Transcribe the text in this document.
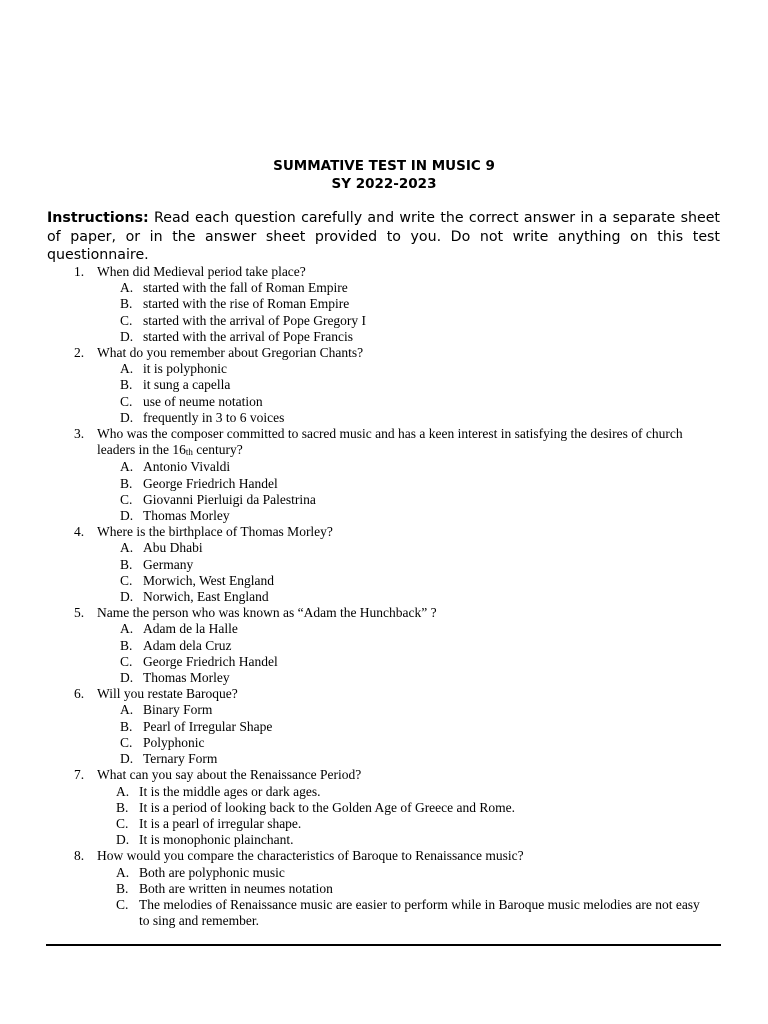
SUMMATIVE TEST IN MUSIC 9
SY 2022-2023
Instructions: Read each question carefully and write the correct answer in a separate sheet of paper, or in the answer sheet provided to you. Do not write anything on this test questionnaire.
1. When did Medieval period take place?
A. started with the fall of Roman Empire
B. started with the rise of Roman Empire
C. started with the arrival of Pope Gregory I
D. started with the arrival of Pope Francis
2. What do you remember about Gregorian Chants?
A. it is polyphonic
B. it sung a capella
C. use of neume notation
D. frequently in 3 to 6 voices
3. Who was the composer committed to sacred music and has a keen interest in satisfying the desires of church leaders in the $16_{th}$ century?
A. Antonio Vivaldi
B. George Friedrich Handel
C. Giovanni Pierluigi da Palestrina
D. Thomas Morley
4. Where is the birthplace of Thomas Morley?
A. Abu Dhabi
B. Germany
C. Morwich, West England
D. Norwich, East England
5. Name the person who was known as “Adam the Hunchback” ?
A. Adam de la Halle
B. Adam dela Cruz
C. George Friedrich Handel
D. Thomas Morley
6. Will you restate Baroque?
A. Binary Form
B. Pearl of Irregular Shape
C. Polyphonic
D. Ternary Form
7. What can you say about the Renaissance Period?
A. It is the middle ages or dark ages.
B. It is a period of looking back to the Golden Age of Greece and Rome.
C. It is a pearl of irregular shape.
D. It is monophonic plainchant.
8. How would you compare the characteristics of Baroque to Renaissance music?
A. Both are polyphonic music
B. Both are written in neumes notation
C. The melodies of Renaissance music are easier to perform while in Baroque music melodies are not easy to sing and remember.
